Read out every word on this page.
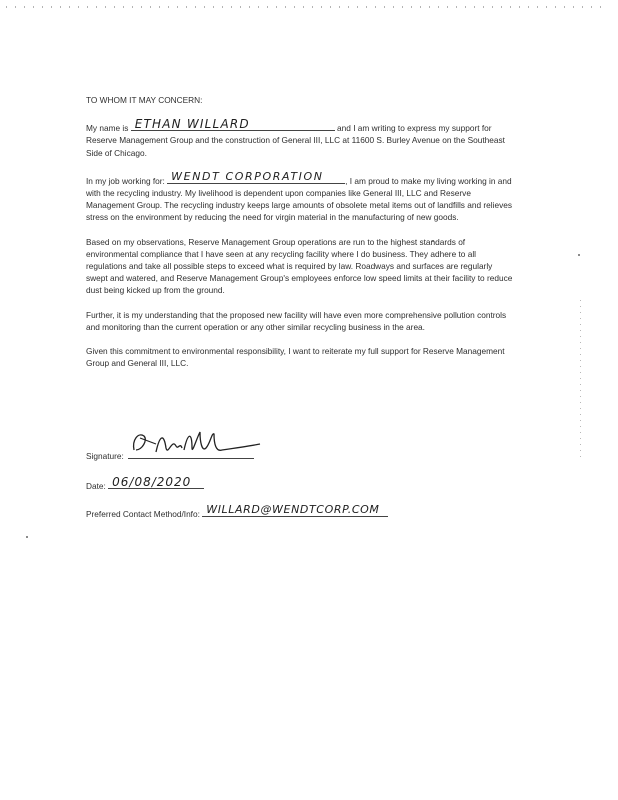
TO WHOM IT MAY CONCERN:
My name is ETHAN WILLARD	and I am writing to express my support for Reserve Management Group and the construction of General III, LLC at 11600 S. Burley Avenue on the Southeast Side of Chicago.
In my job working for: WENDT CORPORATION	, I am proud to make my living working in and with the recycling industry. My livelihood is dependent upon companies like General III, LLC and Reserve Management Group. The recycling industry keeps large amounts of obsolete metal items out of landfills and relieves stress on the environment by reducing the need for virgin material in the manufacturing of new goods.
Based on my observations, Reserve Management Group operations are run to the highest standards of environmental compliance that I have seen at any recycling facility where I do business. They adhere to all regulations and take all possible steps to exceed what is required by law. Roadways and surfaces are regularly swept and watered, and Reserve Management Group's employees enforce low speed limits at their facility to reduce dust being kicked up from the ground.
Further, it is my understanding that the proposed new facility will have even more comprehensive pollution controls and monitoring than the current operation or any other similar recycling business in the area.
Given this commitment to environmental responsibility, I want to reiterate my full support for Reserve Management Group and General III, LLC.
Signature:
Date: 06/08/2020
Preferred Contact Method/Info: WILLARD@WENDTCORP.COM
